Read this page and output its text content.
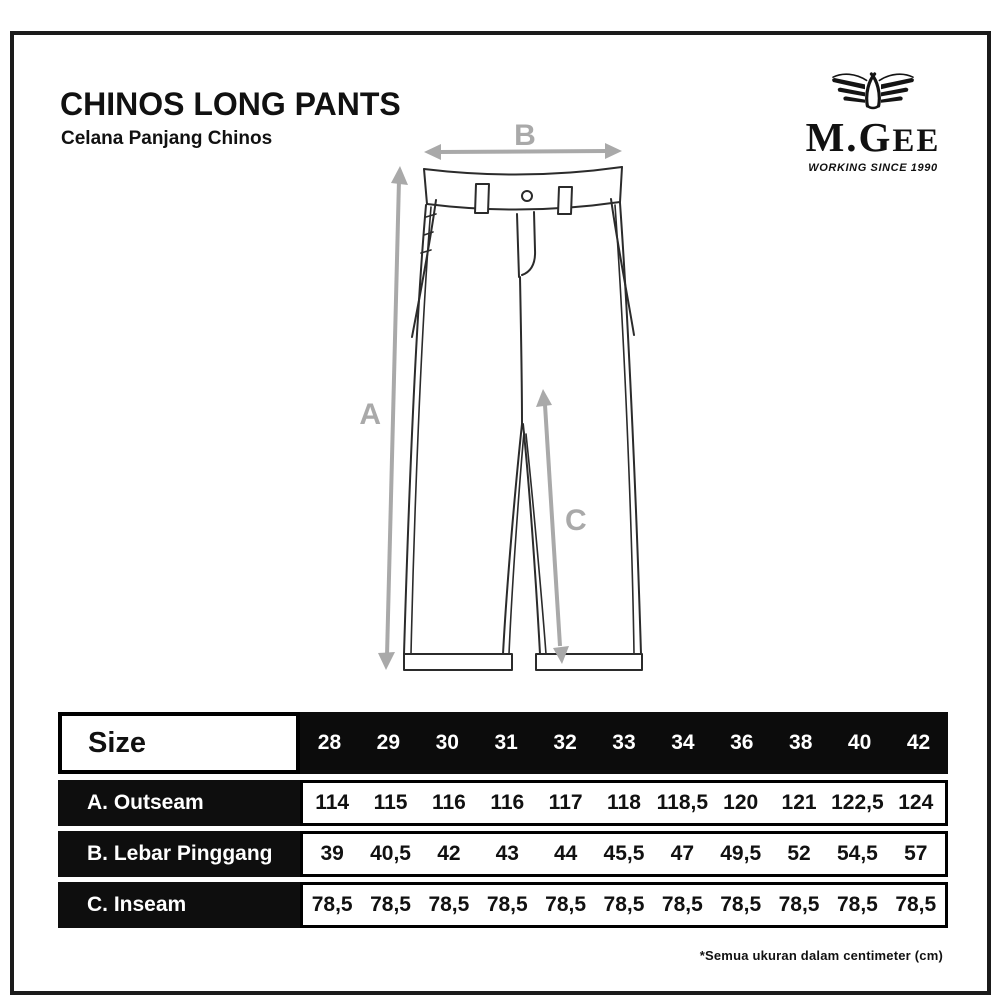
CHINOS LONG PANTS
Celana Panjang Chinos	M.GEE
WORKING SINCE 1990
A
B
C
Size	28	29	30	31	32	33	34	36	38	40	42
A. Outseam	114	115	116	116	117	118 118,5 120	121 122,5 124
B. Lebar Pinggang	39	40,5	42	43	44	45,5	47	49,5	52	54,5	57
C. Inseam	78,5 78,5 78,5 78,5 78,5 78,5 78,5 78,5 78,5 78,5 78,5
*Semua ukuran dalam centimeter (cm)
